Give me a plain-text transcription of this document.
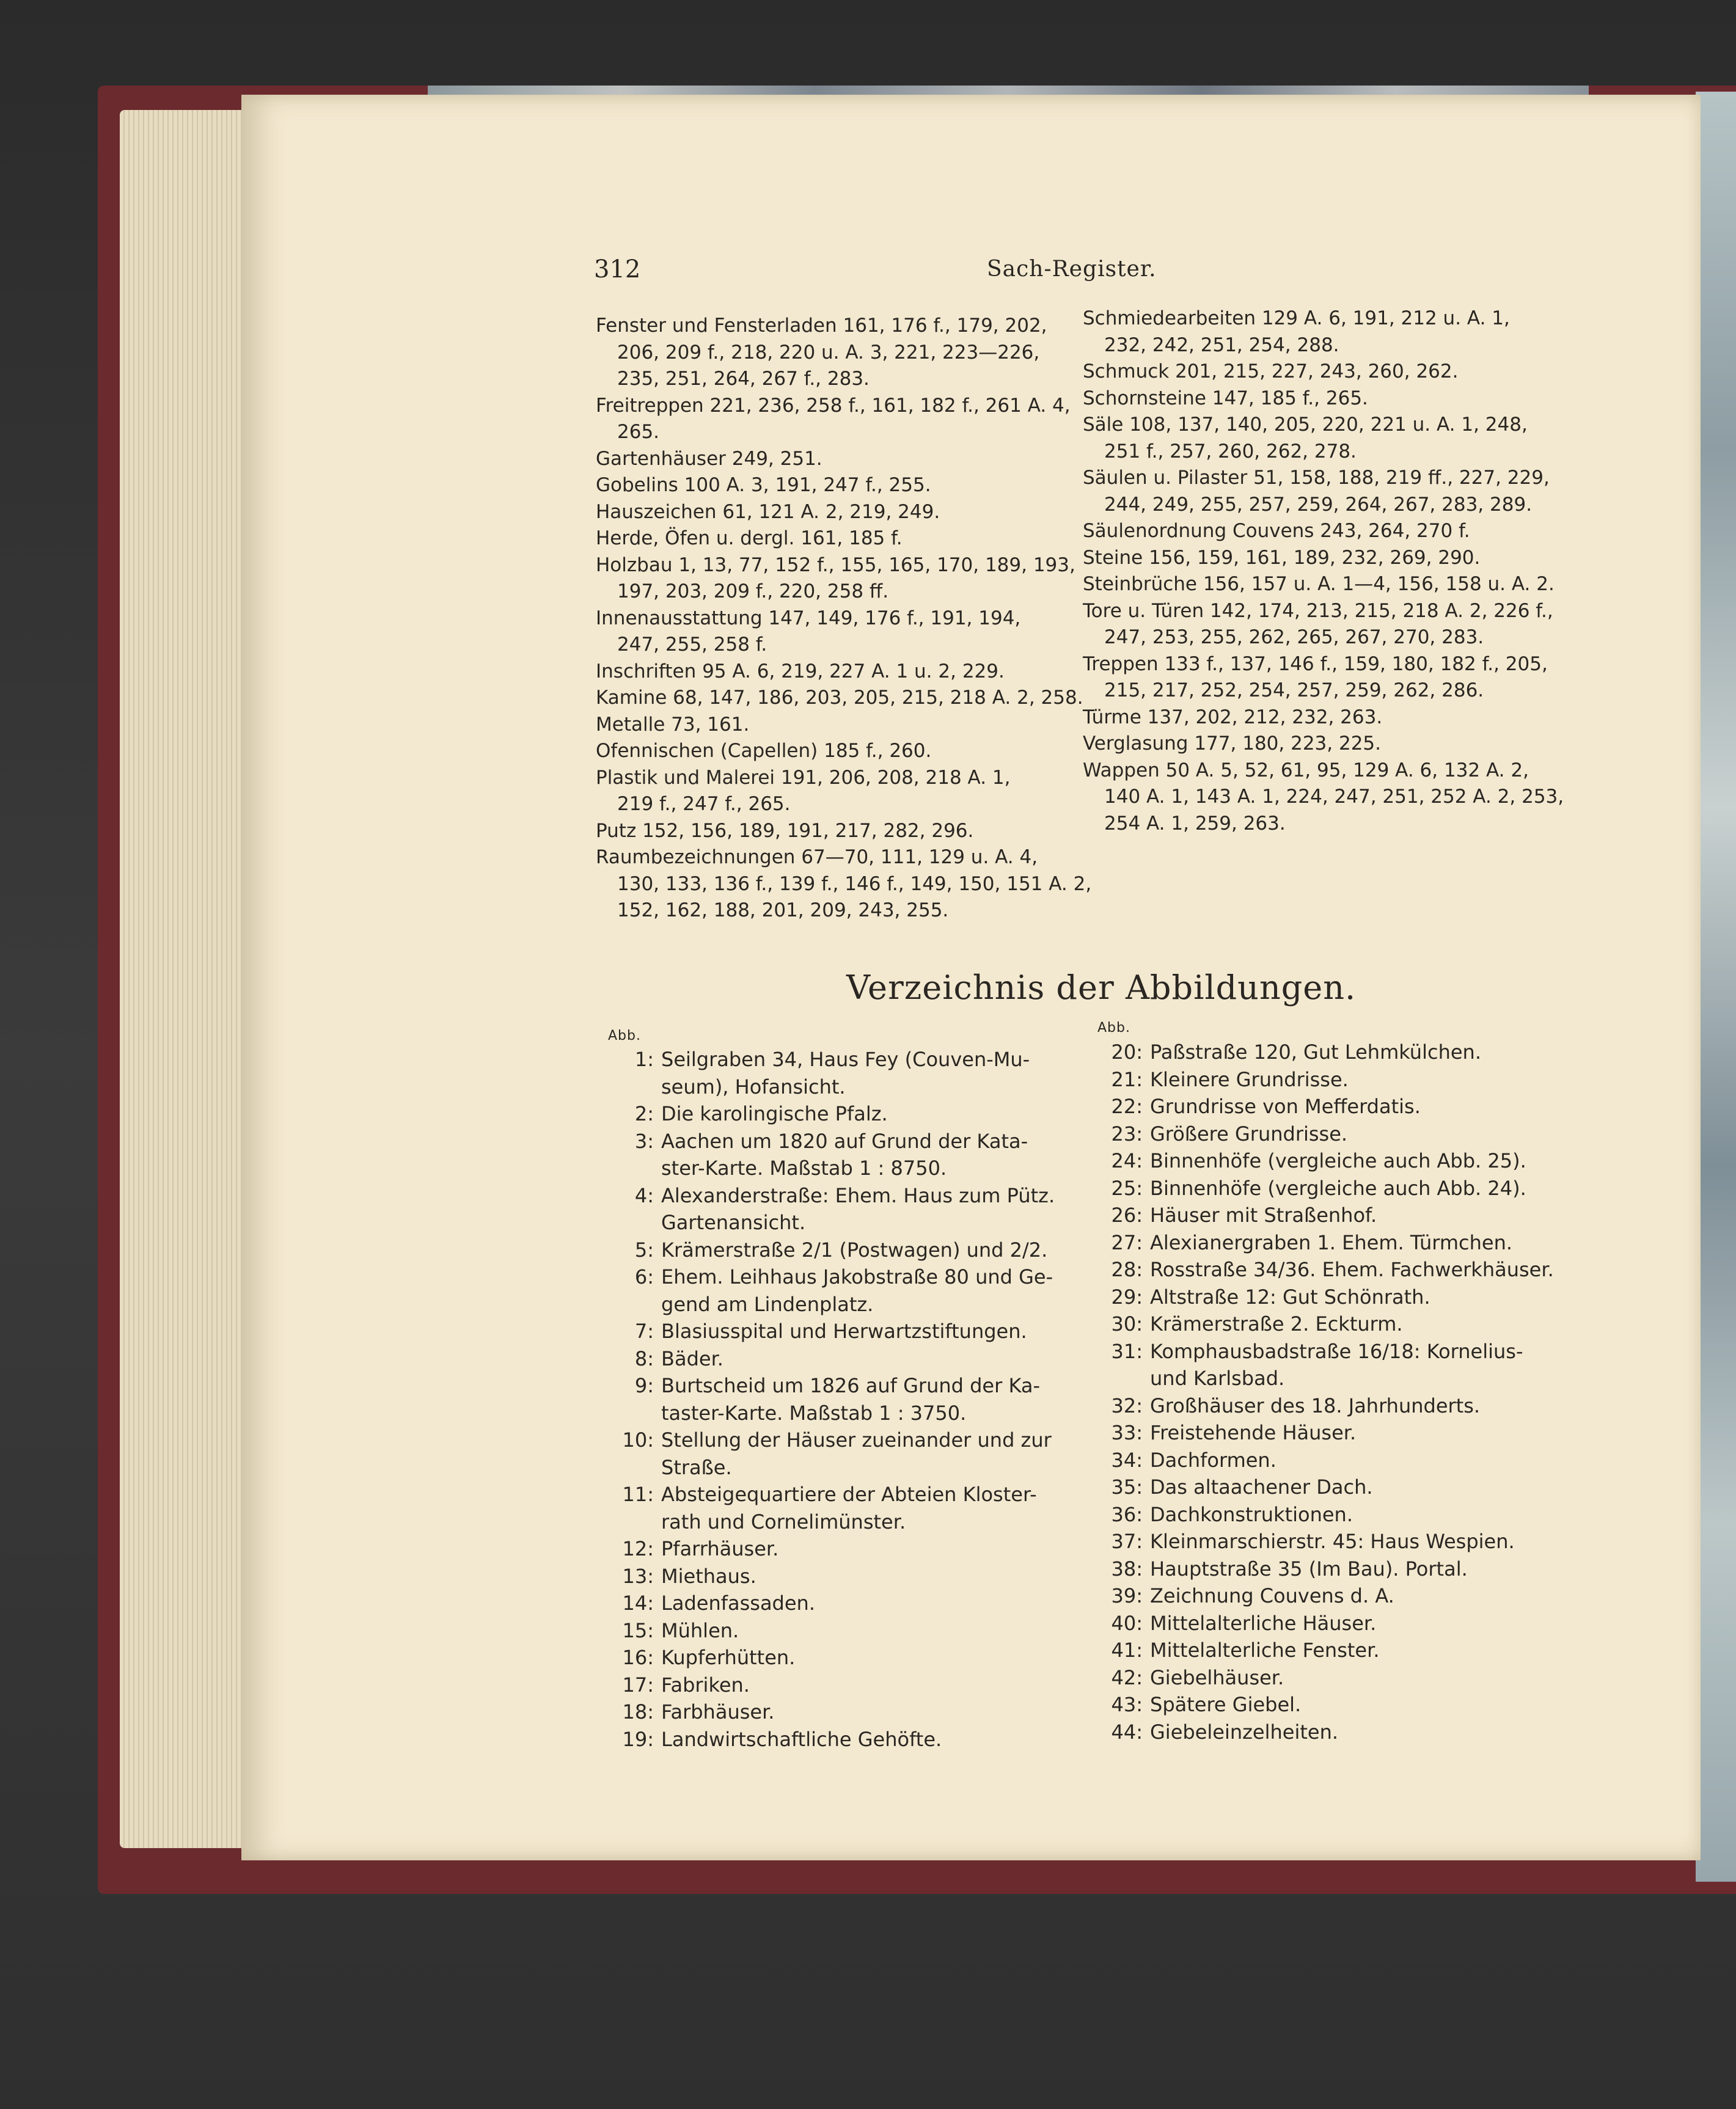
312	Sach-Register.
Fenster und Fensterladen 161, 176 f., 179, 202,
206, 209 f., 218, 220 u. A. 3, 221, 223—226,
235, 251, 264, 267 f., 283.
Freitreppen 221, 236, 258 f., 161, 182 f., 261 A. 4,
265.
Gartenhäuser 249, 251.
Gobelins 100 A. 3, 191, 247 f., 255.
Hauszeichen 61, 121 A. 2, 219, 249.
Herde, Öfen u. dergl. 161, 185 f.
Holzbau 1, 13, 77, 152 f., 155, 165, 170, 189, 193,
197, 203, 209 f., 220, 258 ff.
Innenausstattung 147, 149, 176 f., 191, 194,
247, 255, 258 f.
Inschriften 95 A. 6, 219, 227 A. 1 u. 2, 229.
Kamine 68, 147, 186, 203, 205, 215, 218 A. 2, 258.
Metalle 73, 161.
Ofennischen (Capellen) 185 f., 260.
Plastik und Malerei 191, 206, 208, 218 A. 1,
219 f., 247 f., 265.
Putz 152, 156, 189, 191, 217, 282, 296.
Raumbezeichnungen 67—70, 111, 129 u. A. 4,
130, 133, 136 f., 139 f., 146 f., 149, 150, 151 A. 2,
152, 162, 188, 201, 209, 243, 255.
Schmiedearbeiten 129 A. 6, 191, 212 u. A. 1,
232, 242, 251, 254, 288.
Schmuck 201, 215, 227, 243, 260, 262.
Schornsteine 147, 185 f., 265.
Säle 108, 137, 140, 205, 220, 221 u. A. 1, 248,
251 f., 257, 260, 262, 278.
Säulen u. Pilaster 51, 158, 188, 219 ff., 227, 229,
244, 249, 255, 257, 259, 264, 267, 283, 289.
Säulenordnung Couvens 243, 264, 270 f.
Steine 156, 159, 161, 189, 232, 269, 290.
Steinbrüche 156, 157 u. A. 1—4, 156, 158 u. A. 2.
Tore u. Türen 142, 174, 213, 215, 218 A. 2, 226 f.,
247, 253, 255, 262, 265, 267, 270, 283.
Treppen 133 f., 137, 146 f., 159, 180, 182 f., 205,
215, 217, 252, 254, 257, 259, 262, 286.
Türme 137, 202, 212, 232, 263.
Verglasung 177, 180, 223, 225.
Wappen 50 A. 5, 52, 61, 95, 129 A. 6, 132 A. 2,
140 A. 1, 143 A. 1, 224, 247, 251, 252 A. 2, 253,
254 A. 1, 259, 263.
Verzeichnis der Abbildungen.
Abb.
Abb.
1: Seilgraben 34, Haus Fey (Couven-Mu-
seum), Hofansicht.
2: Die karolingische Pfalz.
3: Aachen um 1820 auf Grund der Kata-
ster-Karte. Maßstab 1 : 8750.
4: Alexanderstraße: Ehem. Haus zum Pütz.
Gartenansicht.
5: Krämerstraße 2/1 (Postwagen) und 2/2.
6: Ehem. Leihhaus Jakobstraße 80 und Ge-
gend am Lindenplatz.
7: Blasiusspital und Herwartzstiftungen.
8: Bäder.
9: Burtscheid um 1826 auf Grund der Ka-
taster-Karte. Maßstab 1 : 3750.
10: Stellung der Häuser zueinander und zur
Straße.
11: Absteigequartiere der Abteien Kloster-
rath und Cornelimünster.
12: Pfarrhäuser.
13: Miethaus.
14: Ladenfassaden.
15: Mühlen.
16: Kupferhütten.
17: Fabriken.
18: Farbhäuser.
19: Landwirtschaftliche Gehöfte.
20: Paßstraße 120, Gut Lehmkülchen.
21: Kleinere Grundrisse.
22: Grundrisse von Mefferdatis.
23: Größere Grundrisse.
24: Binnenhöfe (vergleiche auch Abb. 25).
25: Binnenhöfe (vergleiche auch Abb. 24).
26: Häuser mit Straßenhof.
27: Alexianergraben 1. Ehem. Türmchen.
28: Rosstraße 34/36. Ehem. Fachwerkhäuser.
29: Altstraße 12: Gut Schönrath.
30: Krämerstraße 2. Eckturm.
31: Komphausbadstraße 16/18: Kornelius-
und Karlsbad.
32: Großhäuser des 18. Jahrhunderts.
33: Freistehende Häuser.
34: Dachformen.
35: Das altaachener Dach.
36: Dachkonstruktionen.
37: Kleinmarschierstr. 45: Haus Wespien.
38: Hauptstraße 35 (Im Bau). Portal.
39: Zeichnung Couvens d. A.
40: Mittelalterliche Häuser.
41: Mittelalterliche Fenster.
42: Giebelhäuser.
43: Spätere Giebel.
44: Giebeleinzelheiten.
